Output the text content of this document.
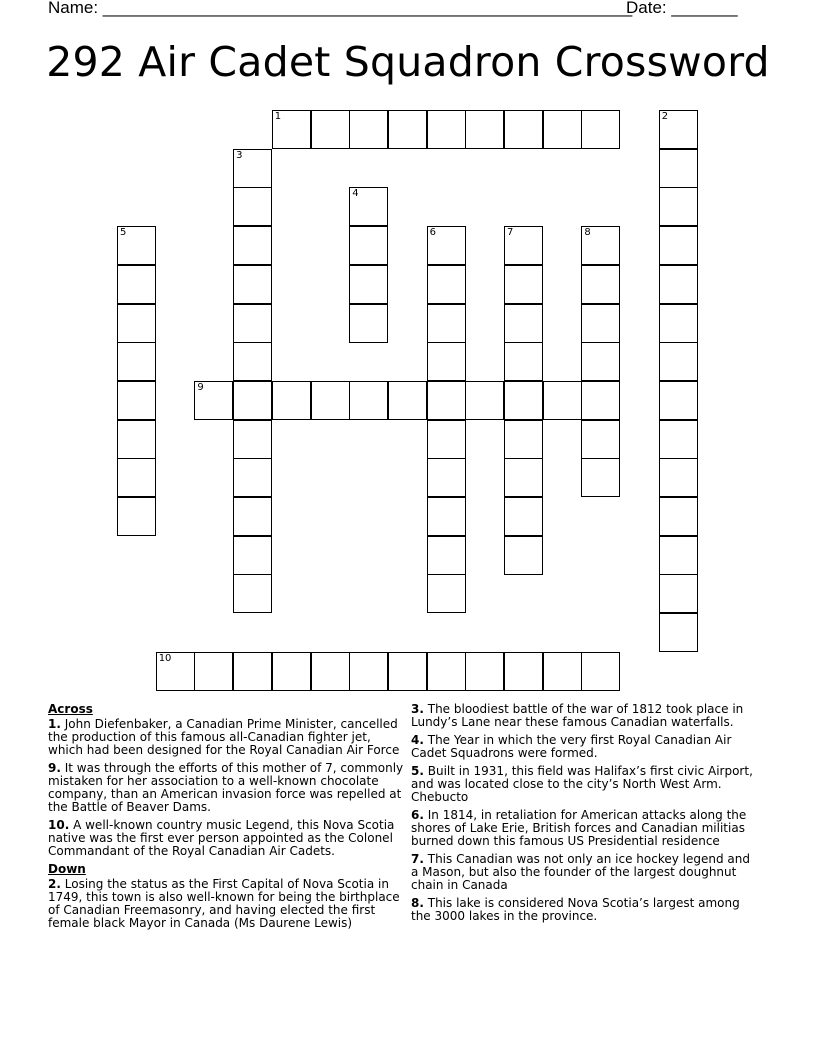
Name: ________________________________________________________
Date: _______
292 Air Cadet Squadron Crossword
1	2
3
4
5	6	7	8
9
10
Across
1. John Diefenbaker, a Canadian Prime Minister, cancelled the production of this famous all-Canadian fighter jet, which had been designed for the Royal Canadian Air Force
9. It was through the efforts of this mother of 7, commonly mistaken for her association to a well-known chocolate company, than an American invasion force was repelled at the Battle of Beaver Dams.
10. A well-known country music Legend, this Nova Scotia native was the first ever person appointed as the Colonel Commandant of the Royal Canadian Air Cadets.
Down
2. Losing the status as the First Capital of Nova Scotia in 1749, this town is also well-known for being the birthplace of Canadian Freemasonry, and having elected the first female black Mayor in Canada (Ms Daurene Lewis)
3. The bloodiest battle of the war of 1812 took place in Lundy’s Lane near these famous Canadian waterfalls.
4. The Year in which the very first Royal Canadian Air Cadet Squadrons were formed.
5. Built in 1931, this field was Halifax’s first civic Airport, and was located close to the city’s North West Arm. Chebucto
6. In 1814, in retaliation for American attacks along the shores of Lake Erie, British forces and Canadian militias burned down this famous US Presidential residence
7. This Canadian was not only an ice hockey legend and a Mason, but also the founder of the largest doughnut chain in Canada
8. This lake is considered Nova Scotia’s largest among the 3000 lakes in the province.
